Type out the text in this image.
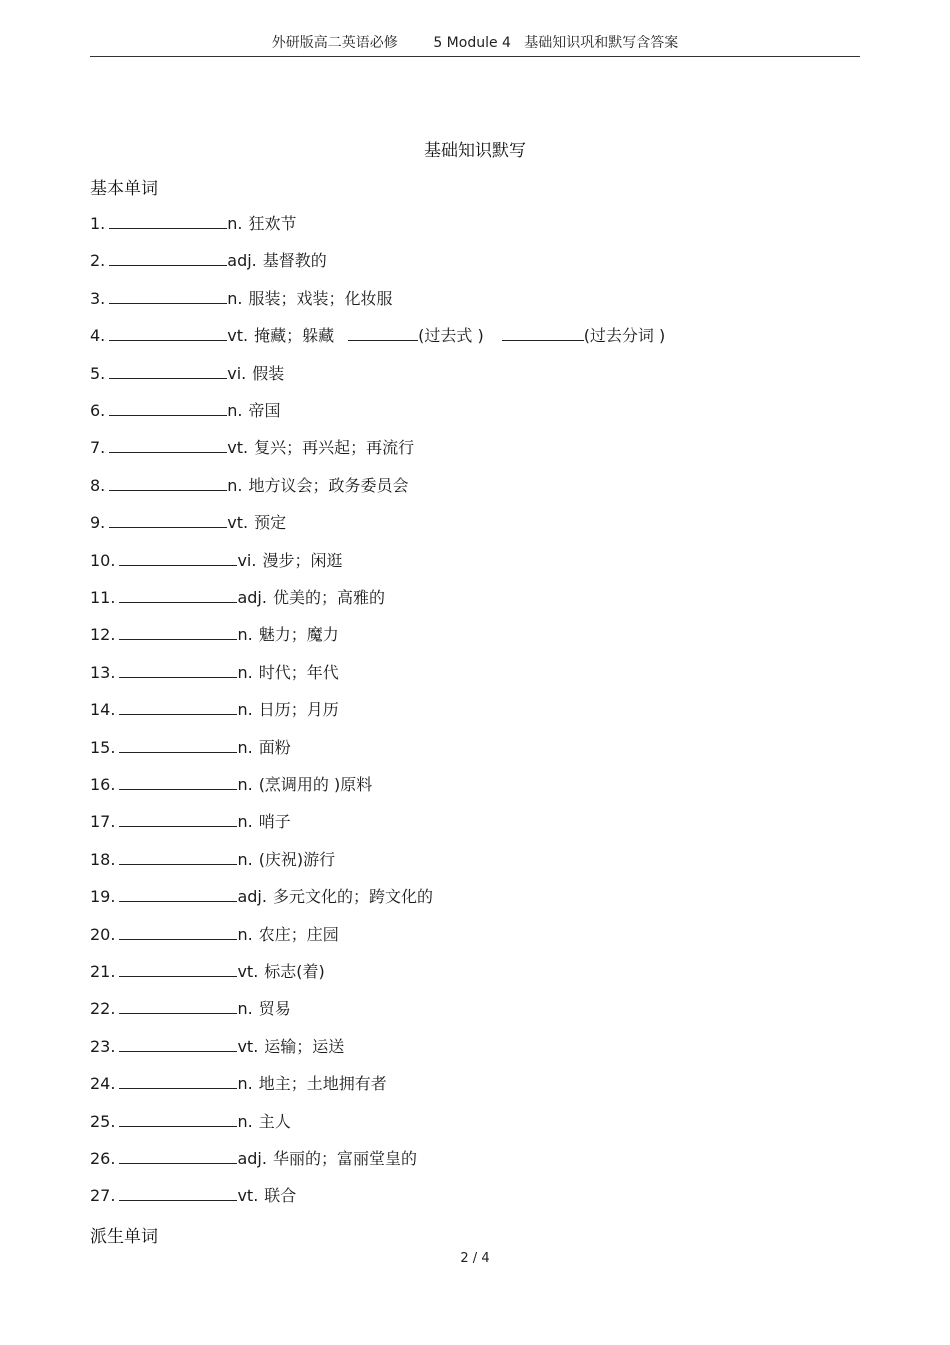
外研版高二英语必修	5 Module 4   基础知识巩和默写含答案
基础知识默写
基本单词
1.	n. 狂欢节
2.	adj. 基督教的
3.	n. 服装；戏装；化妆服
4.	vt. 掩藏；躲藏	(过去式 )	(过去分词 )
5.	vi. 假装
6.	n. 帝国
7.	vt. 复兴；再兴起；再流行
8.	n. 地方议会；政务委员会
9.	vt. 预定
10.	vi. 漫步；闲逛
11.	adj. 优美的；高雅的
12.	n. 魅力；魔力
13.	n. 时代；年代
14.	n. 日历；月历
15.	n. 面粉
16.	n. (烹调用的 )原料
17.	n. 哨子
18.	n. (庆祝)游行
19.	adj. 多元文化的；跨文化的
20.	n. 农庄；庄园
21.	vt. 标志(着)
22.	n. 贸易
23.	vt. 运输；运送
24.	n. 地主；土地拥有者
25.	n. 主人
26.	adj. 华丽的；富丽堂皇的
27.	vt. 联合
派生单词
2 / 4
